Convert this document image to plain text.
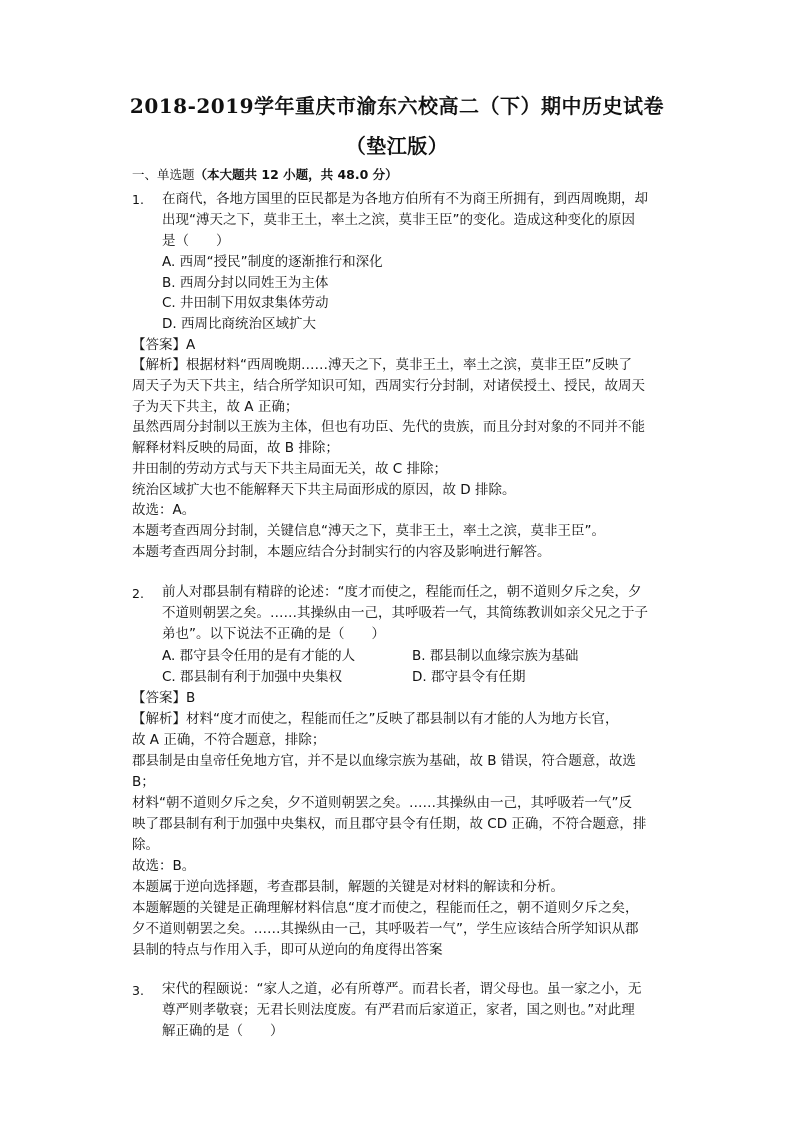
2018-2019学年重庆市渝东六校高二（下）期中历史试卷
（垫江版）
一、单选题（本大题共 12 小题，共 48.0 分）
1. 在商代，各地方国里的臣民都是为各地方伯所有不为商王所拥有，到西周晚期，却
出现“溥天之下，莫非王土，率土之滨，莫非王臣”的变化。造成这种变化的原因
是（　　）
A. 西周“授民”制度的逐渐推行和深化
B. 西周分封以同姓王为主体
C. 井田制下用奴隶集体劳动
D. 西周比商统治区域扩大
【答案】A
【解析】根据材料“西周晚期……溥天之下，莫非王土，率土之滨，莫非王臣”反映了
周天子为天下共主，结合所学知识可知，西周实行分封制，对诸侯授土、授民，故周天
子为天下共主，故 A 正确；
虽然西周分封制以王族为主体，但也有功臣、先代的贵族，而且分封对象的不同并不能
解释材料反映的局面，故 B 排除；
井田制的劳动方式与天下共主局面无关，故 C 排除；
统治区域扩大也不能解释天下共主局面形成的原因，故 D 排除。
故选：A。
本题考查西周分封制，关键信息“溥天之下，莫非王土，率土之滨，莫非王臣”。
本题考查西周分封制，本题应结合分封制实行的内容及影响进行解答。
2. 前人对郡县制有精辟的论述：“度才而使之，程能而任之，朝不道则夕斥之矣，夕
不道则朝罢之矣。……其操纵由一己，其呼吸若一气，其简练教训如亲父兄之于子
弟也”。以下说法不正确的是（　　）
A. 郡守县令任用的是有才能的人	B. 郡县制以血缘宗族为基础
C. 郡县制有利于加强中央集权	D. 郡守县令有任期
【答案】B
【解析】材料“度才而使之，程能而任之”反映了郡县制以有才能的人为地方长官，
故 A 正确，不符合题意，排除；
郡县制是由皇帝任免地方官，并不是以血缘宗族为基础，故 B 错误，符合题意，故选
B；
材料“朝不道则夕斥之矣，夕不道则朝罢之矣。……其操纵由一己，其呼吸若一气”反
映了郡县制有利于加强中央集权，而且郡守县令有任期，故 CD 正确，不符合题意，排
除。
故选：B。
本题属于逆向选择题，考查郡县制，解题的关键是对材料的解读和分析。
本题解题的关键是正确理解材料信息“度才而使之，程能而任之，朝不道则夕斥之矣，
夕不道则朝罢之矣。……其操纵由一己，其呼吸若一气”，学生应该结合所学知识从郡
县制的特点与作用入手，即可从逆向的角度得出答案
3. 宋代的程颐说：“家人之道，必有所尊严。而君长者，谓父母也。虽一家之小，无
尊严则孝敬衰；无君长则法度废。有严君而后家道正，家者，国之则也。”对此理
解正确的是（　　）
